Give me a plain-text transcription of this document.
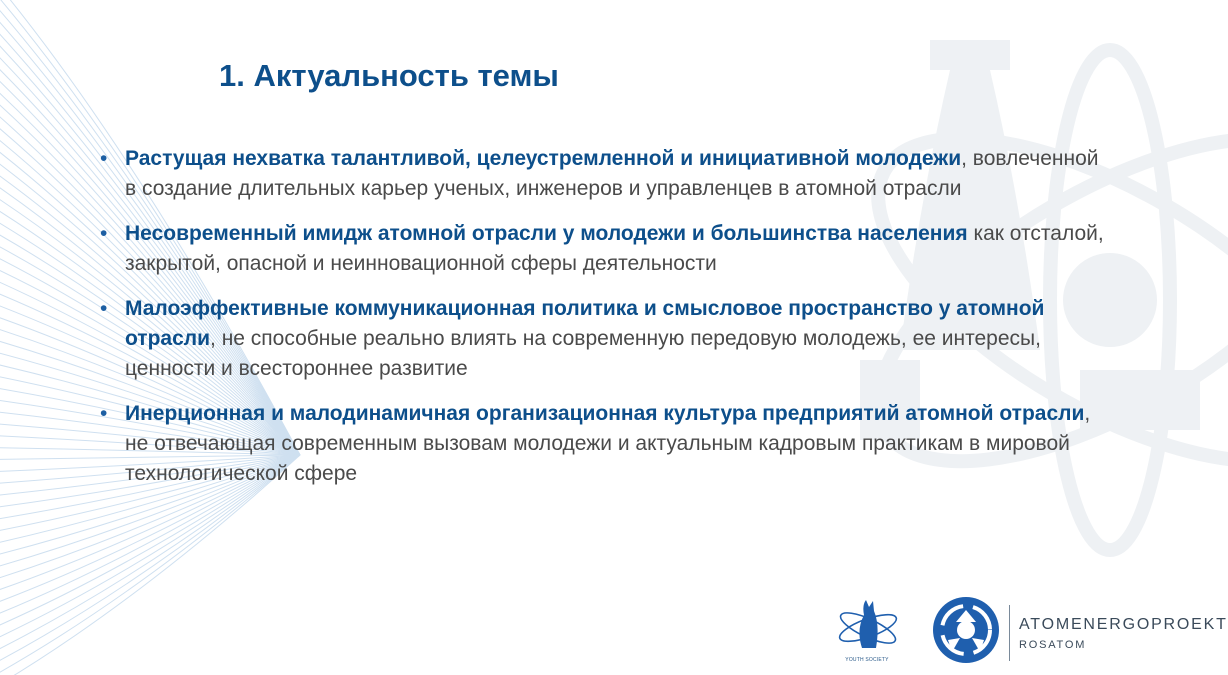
1. Актуальность темы
• Растущая нехватка талантливой, целеустремленной и инициативной молодежи, вовлеченной в создание длительных карьер ученых, инженеров и управленцев в атомной отрасли
• Несовременный имидж атомной отрасли у молодежи и большинства населения как отсталой, закрытой, опасной и неинновационной сферы деятельности
• Малоэффективные коммуникационная политика и смысловое пространство у атомной отрасли, не способные реально влиять на современную передовую молодежь, ее интересы, ценности и всестороннее развитие
• Инерционная и малодинамичная организационная культура предприятий атомной отрасли, не отвечающая современным вызовам молодежи и актуальным кадровым практикам в мировой технологической сфере
YOUTH SOCIETY
ATOMENERGOPROEKT
ROSATOM
